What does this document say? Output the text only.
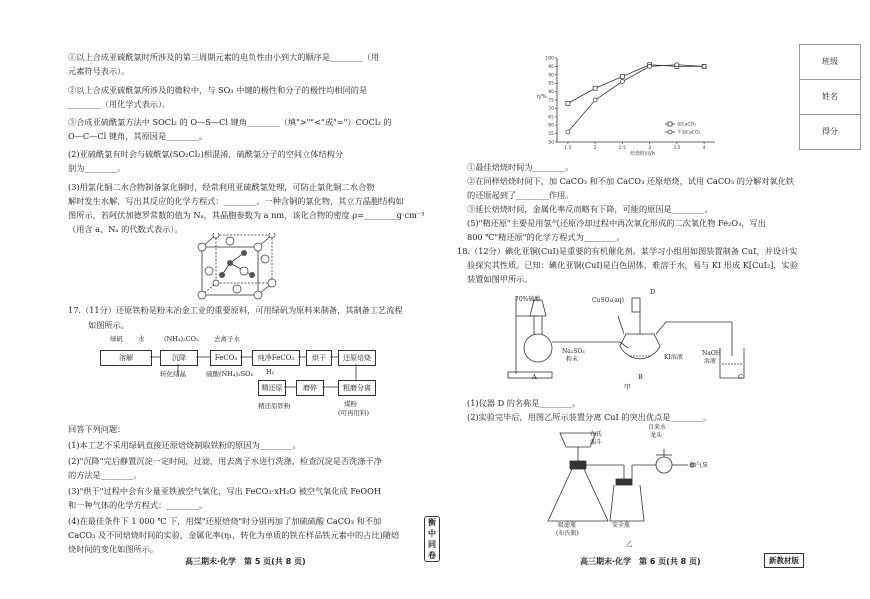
①以上合成亚硫酰氯时所涉及的第三周期元素的电负性由小到大的顺序是________（用
元素符号表示）。
②以上合成亚硫酰氯所涉及的微粒中，与 SO₃ 中键的极性和分子的极性均相同的是
________（用化学式表示）。
③合成亚硫酰氯方法中 SOCl₂ 的 O—S—Cl 键角________（填">""<"或"="）COCl₂ 的
O—C—Cl 键角，其原因是________。
(2)亚硫酰氯有时会与硫酰氯(SO₂Cl₂)相混淆，硫酰氯分子的空间立体结构分
别为________。
(3)用氯化铜二水合物制备氯化铜时，经常利用亚硫酰氯处理，可防止氯化铜二水合物
解时发生水解，写出其反应的化学方程式：________。一种含铜的氯化物，其立方晶胞结构如
图所示，若阿伏加德罗常数的值为 Nₐ，其晶胞参数为 a nm，该化合物的密度 ρ=________g·cm⁻³
（用含 a、Nₐ 的代数式表示）。
17.（11分）还原铁粉是粉末冶金工业的重要原料，可用绿矾为原料来制备，其制备工艺流程
如图所示。
绿矾 水	(NH₄)₂CO₃ 去离子水
溶解	沉降	FeCO₃	纯净FeCO₃	烘干	还原焙烧
转化结晶	硫酸(NH₄)₂SO₄ H₂
精还原	磨碎	粗磨分离
精还原铁粉	煤粉
(可再用料)
回答下列问题：
(1)本工艺不采用绿矾直接还原焙烧制取铁粉的原因为________。
(2)"沉降"完后静置沉淀一定时间，过滤，用去离子水进行洗涤，检查沉淀是否洗涤干净
的方法是________。
(3)"烘干"过程中会有少量亚铁被空气氧化，写出 FeCO₃·xH₂O 被空气氧化成 FeOOH
和一种气体的化学方程式：________。
(4)在最佳条件下 1 000 ℃ 下，用煤"还原焙烧"时分别再加了加硫硫酸 CaCO₃ 和不加
CaCO₃ 及不同焙烧时间的实验，金属化率(η₁，转化为单质的铁在样品铁元素中的占比)随焙
烧时间的变化如图所示。
50
55
60
65
70
75
80
85
90
95
100
1.5	2	2.5	3	3.5	4
加CaCO₃
不加CaCO₃
η/%
焙烧时间/h
①最佳焙烧时间为________。
②在同样焙烧时间下，加 CaCO₃ 和不加 CaCO₃ 还原焙烧，试用 CaCO₃ 的分解对氧化铁
的还原起到了________作用。
③延长焙烧时间，金属化率反而略有下降，可能的原因是________。
(5)"精还原"主要是用氢气还原冷却过程中再次氧化形成的二次氧化物 Fe₂O₃，写出
800 ℃"精还原"的化学方程式为________。
18.（12分）碘化亚铜(CuI)是重要的有机催化剂。某学习小组用如图装置制备 CuI，并设计实
验探究其性质。已知：碘化亚铜(CuI)是白色固体，难溶于水，易与 KI 形成 K[CuI₂]，实验
装置如图甲所示。
70%硫酸	CuSO₄(aq)
D
Na₂SO₃
粉末	KI溶液
NaOH
溶液
A	B	C
甲
(1)仪器 D 的名称是________。
(2)实验完毕后，用图乙所示装置分离 CuI 的突出优点是________。
布氏
漏斗
自来水
龙头
抽气泵
吸滤瓶
(布氏瓶)
安全瓶
乙
班级
姓名
得分
高三期末·化学　第 5 页(共 8 页)	高三期末·化学　第 6 页(共 8 页)	新教材版
衡
中
同
卷
